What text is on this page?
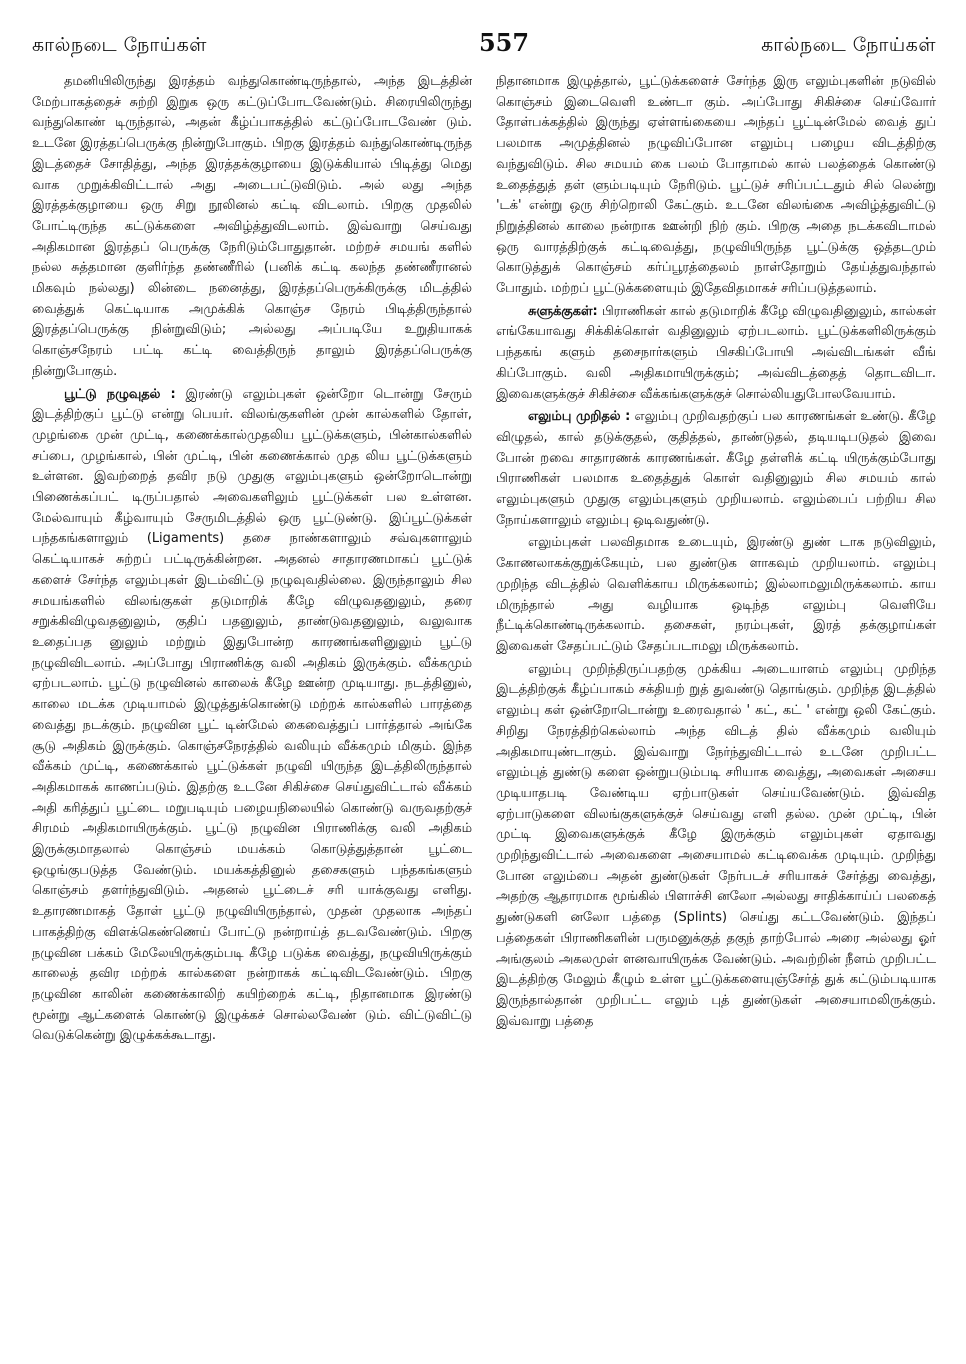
கால்நடை நோய்கள்	557	கால்நடை நோய்கள்

தமனியிலிருந்து இரத்தம் வந்துகொண்டிருந்தால், அந்த இடத்தின் மேற்பாகத்தைச் சுற்றி இறுக ஒரு கட்டுப்போடவேண்டும். சிரையிலிருந்து வந்துகொண் டிருந்தால், அதன் கீழ்ப்பாகத்தில் கட்டுப்போடவேண் டும். உடனே இரத்தப்பெருக்கு நின்றுபோகும். பிறகு இரத்தம் வந்துகொண்டிருந்த இடத்தைச் சோதித்து, அந்த இரத்தக்குழாயை இடுக்கியால் பிடித்து மெது வாக முறுக்கிவிட்டால் அது அடைபட்டுவிடும். அல் லது அந்த இரத்தக்குழாயை ஒரு சிறு நூலினல் கட்டி விடலாம். பிறகு முதலில் போட்டிருந்த கட்டுக்களை அவிழ்த்துவிடலாம். இவ்வாறு செய்வது அதிகமான இரத்தப் பெருக்கு நேரிடும்போதுதான். மற்றச் சமயங் களில் நல்ல சுத்தமான குளிர்ந்த தண்ணீரில் (பனிக் கட்டி கலந்த தண்ணீரானல் மிகவும் நல்லது) லின்டை நனைத்து, இரத்தப்பெருக்கிருக்கு மிடத்தில் வைத்துக் கெட்டியாக அமுக்கிக் கொஞ்ச நேரம் பிடித்திருந்தால் இரத்தப்பெருக்கு நின்றுவிடும்; அல்லது அப்படியே உறுதியாகக் கொஞ்சநேரம் பட்டி கட்டி வைத்திருந் தாலும் இரத்தப்பெருக்கு நின்றுபோகும்.

பூட்டு நழுவுதல் : இரண்டு எலும்புகள் ஒன்றோ டொன்று சேரும் இடத்திற்குப் பூட்டு என்று பெயர். விலங்குகளின் முன் கால்களில் தோள், முழங்கை முன் முட்டி, கணைக்கால்முதலிய பூட்டுக்களும், பின்கால்களில் சப்பை, முழங்கால், பின் முட்டி, பின் கணைக்கால் முத லிய பூட்டுக்களும் உள்ளன. இவற்றைத் தவிர நடு முதுகு எலும்புகளும் ஒன்றோடொன்று பிணைக்கப்பட் டிருப்பதால் அவைகளிலும் பூட்டுக்கள் பல உள்ளன. மேல்வாயும் கீழ்வாயும் சேருமிடத்தில் ஒரு பூட்டுண்டு. இப்பூட்டுக்கள் பந்தகங்களாலும் (Ligaments) தசை நாண்களாலும் சவ்வுகளாலும் கெட்டியாகச் சுற்றப் பட்டிருக்கின்றன. அதனல் சாதாரணமாகப் பூட்டுக் களைச் சேர்ந்த எலும்புகள் இடம்விட்டு நழுவுவதில்லை. இருந்தாலும் சில சமயங்களில் விலங்குகள் தடுமாறிக் கீழே விழுவதனுலும், தரை சறுக்கிவிழுவதனுலும், குதிப் பதனுலும், தாண்டுவதனுலும், வலுவாக உதைப்பத னுலும் மற்றும் இதுபோன்ற காரணங்களினுலும் பூட்டு நழுவிவிடலாம். அப்போது பிராணிக்கு வலி அதிகம் இருக்கும். வீக்கமும் ஏற்படலாம். பூட்டு நழுவினல் காலைக் கீழே ஊன்ற முடியாது. நடத்தினுல், காலை மடக்க முடியாமல் இழுத்துக்கொண்டு மற்றக் கால்களில் பாரத்தை வைத்து நடக்கும். நழுவின பூட் டின்மேல் கைவைத்துப் பார்த்தால் அங்கே சூடு அதிகம் இருக்கும். கொஞ்சநேரத்தில் வலியும் வீக்கமும் மிகும். இந்த வீக்கம் முட்டி, கணைக்கால் பூட்டுக்கள் நழுவி யிருந்த இடத்திலிருந்தால் அதிகமாகக் காணப்படும். இதற்கு உடனே சிகிச்சை செய்துவிட்டால் வீக்கம் அதி கரித்துப் பூட்டை மறுபடியும் பழையநிலையில் கொண்டு வருவதற்குச் சிரமம் அதிகமாயிருக்கும். பூட்டு நழுவின பிராணிக்கு வலி அதிகம் இருக்குமாதலால் கொஞ்சம் மயக்கம் கொடுத்துத்தான் பூட்டை ஒழுங்குபடுத்த வேண்டும். மயக்கத்தினுல் தசைகளும் பந்தகங்களும் கொஞ்சம் தளர்ந்துவிடும். அதனல் பூட்டைச் சரி யாக்குவது எளிது. உதாரணமாகத் தோள் பூட்டு நழுவியிருந்தால், முதன் முதலாக அந்தப் பாகத்திற்கு விளக்கெண்ணெய் போட்டு நன்றாய்த் தடவவேண்டும். பிறகு நழுவின பக்கம் மேலேயிருக்கும்படி கீழே படுக்க வைத்து, நழுவியிருக்கும் காலைத் தவிர மற்றக் கால்களை நன்றாகக் கட்டிவிடவேண்டும். பிறகு நழுவின காலின் கணைக்காலிற் கயிற்றைக் கட்டி, நிதானமாக இரண்டு மூன்று ஆட்களைக் கொண்டு இழுக்கச் சொல்லவேண் டும். விட்டுவிட்டு வெடுக்கென்று இழுக்கக்கூடாது.

நிதானமாக இழுத்தால், பூட்டுக்களைச் சேர்ந்த இரு எலும்புகளின் நடுவில் கொஞ்சம் இடைவெளி உண்டா கும். அப்போது சிகிச்சை செய்வோர் தோள்பக்கத்தில் இருந்து ஏள்ளங்கையை அந்தப் பூட்டின்மேல் வைத் துப் பலமாக அமுத்தினல் நழுவிப்போன எலும்பு பழைய விடத்திற்கு வந்துவிடும். சில சமயம் கை பலம் போதாமல் கால் பலத்தைக் கொண்டு உதைத்துத் தள் ளும்படியும் நேரிடும். பூட்டுச் சரிப்பட்டதும் சில் லென்று 'டக்' என்று ஒரு சிற்றொலி கேட்கும். உடனே விலங்கை அவிழ்த்துவிட்டு நிறுத்தினல் காலை நன்றாக ஊன்றி நிற் கும். பிறகு அதை நடக்கவிடாமல் ஒரு வாரத்திற்குக் கட்டிவைத்து, நழுவியிருந்த பூட்டுக்கு ஒத்தடமும் கொடுத்துக் கொஞ்சம் கர்ப்பூரத்தைலம் நாள்தோறும் தேய்த்துவந்தால் போதும். மற்றப் பூட்டுக்களையும் இதேவிதமாகச் சரிப்படுத்தலாம்.

சுளுக்குகள்: பிராணிகள் கால் தடுமாறிக் கீழே விழுவதினுலும், கால்கள் எங்கேயாவது சிக்கிக்கொள் வதினுலும் ஏற்படலாம். பூட்டுக்களிலிருக்கும் பந்தகங் களும் தசைநார்களும் பிசகிப்போயி அவ்விடங்கள் வீங் கிப்போகும். வலி அதிகமாயிருக்கும்; அவ்விடத்தைத் தொடவிடா. இவைகளுக்குச் சிகிச்சை வீக்கங்களுக்குச் சொல்லியதுபோலவேயாம்.

எலும்பு முறிதல் : எலும்பு முறிவதற்குப் பல காரணங்கள் உண்டு. கீழே விழுதல், கால் தடுக்குதல், குதித்தல், தாண்டுதல், தடியடிபடுதல் இவை போன் றவை சாதாரணக் காரணங்கள். கீழே தள்ளிக் கட்டி யிருக்கும்போது பிராணிகள் பலமாக உதைத்துக் கொள் வதினுலும் சில சமயம் கால் எலும்புகளும் முதுகு எலும்புகளும் முறியலாம். எலும்பைப் பற்றிய சில நோய்களாலும் எலும்பு ஒடிவதுண்டு.

எலும்புகள் பலவிதமாக உடையும், இரண்டு துண் டாக நடுவிலும், கோணலாகக்குறுக்கேயும், பல துண்டுக ளாகவும் முறியலாம். எலும்பு முறிந்த விடத்தில் வெளிக்காய மிருக்கலாம்; இல்லாமலுமிருக்கலாம். காய மிருந்தால் அது வழியாக ஒடிந்த எலும்பு வெளியே நீட்டிக்கொண்டிருக்கலாம். தசைகள், நரம்புகள், இரத் தக்குழாய்கள் இவைகள் சேதப்பட்டும் சேதப்படாமலு மிருக்கலாம்.

எலும்பு முறிந்திருப்பதற்கு முக்கிய அடையாளம் எலும்பு முறிந்த இடத்திற்குக் கீழ்ப்பாகம் சக்தியற் றுத் துவண்டு தொங்கும். முறிந்த இடத்தில் எலும்பு கள் ஒன்றோடொன்று உரைவதால் ' கட், கட் ' என்று ஒலி கேட்கும். சிறிது நேரத்திற்கெல்லாம் அந்த விடத் தில் வீக்கமும் வலியும் அதிகமாயுண்டாகும். இவ்வாறு நேர்ந்துவிட்டால் உடனே முறிபட்ட எலும்புத் துண்டு களை ஒன்றுபடும்படி சரியாக வைத்து, அவைகள் அசைய முடியாதபடி வேண்டிய ஏற்பாடுகள் செய்யவேண்டும். இவ்வித ஏற்பாடுகளை விலங்குகளுக்குச் செய்வது எளி தல்ல. முன் முட்டி, பின் முட்டி இவைகளுக்குக் கீழே இருக்கும் எலும்புகள் ஏதாவது முறிந்துவிட்டால் அவைகளை அசையாமல் கட்டிவைக்க முடியும். முறிந்து போன எலும்பை அதன் துண்டுகள் நேர்படச் சரியாகச் சேர்த்து வைத்து, அதற்கு ஆதாரமாக மூங்கில் பிளாச்சி னலோ அல்லது சாதிக்காய்ப் பலகைத் துண்டுகளி னலோ பத்தை (Splints) செய்து கட்டவேண்டும். இந்தப் பத்தைகள் பிராணிகளின் பருமனுக்குத் தகுந் தாற்போல் அரை அல்லது ஓர் அங்குலம் அகலமுள் ளனவாயிருக்க வேண்டும். அவற்றின் நீளம் முறிபட்ட இடத்திற்கு மேலும் கீழும் உள்ள பூட்டுக்களையுஞ்சேர்த் துக் கட்டும்படியாக இருந்தால்தான் முறிபட்ட எலும் புத் துண்டுகள் அசையாமலிருக்கும். இவ்வாறு பத்தை
